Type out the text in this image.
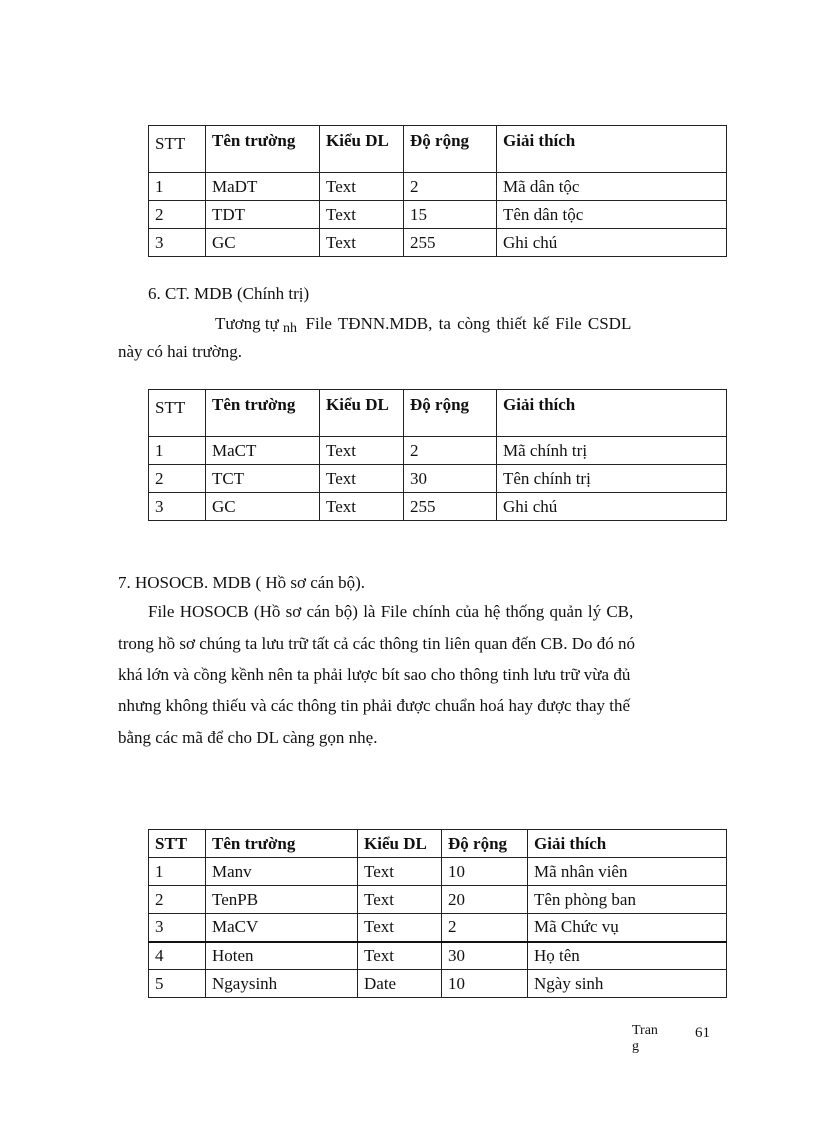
STT	Tên trường	Kiểu DL	Độ rộng	Giải thích
1	MaDT	Text	2	Mã dân tộc
2	TDT	Text	15	Tên dân tộc
3	GC	Text	255	Ghi chú

6. CT. MDB (Chính trị)

Tương tự nh File TĐNN.MDB, ta còng thiết kế File CSDL

này có hai trường.

STT	Tên trường	Kiểu DL	Độ rộng	Giải thích
1	MaCT	Text	2	Mã chính trị
2	TCT	Text	30	Tên chính trị
3	GC	Text	255	Ghi chú

7. HOSOCB. MDB ( Hồ sơ cán bộ).

File HOSOCB (Hồ sơ cán bộ) là File chính của hệ thống quản lý CB,

trong hồ sơ chúng ta lưu trữ tất cả các thông tin liên quan đến CB. Do đó nó

khá lớn và cồng kềnh nên ta phải lược bít sao cho thông tinh lưu trữ vừa đủ

nhưng không thiếu và các thông tin phải được chuẩn hoá hay được thay thế

bằng các mã để cho DL càng gọn nhẹ.

STT	Tên trường	Kiểu DL	Độ rộng	Giải thích
1	Manv	Text	10	Mã nhân viên
2	TenPB	Text	20	Tên phòng ban
3	MaCV	Text	2	Mã Chức vụ
4	Hoten	Text	30	Họ tên
5	Ngaysinh	Date	10	Ngày sinh
Trang
61
